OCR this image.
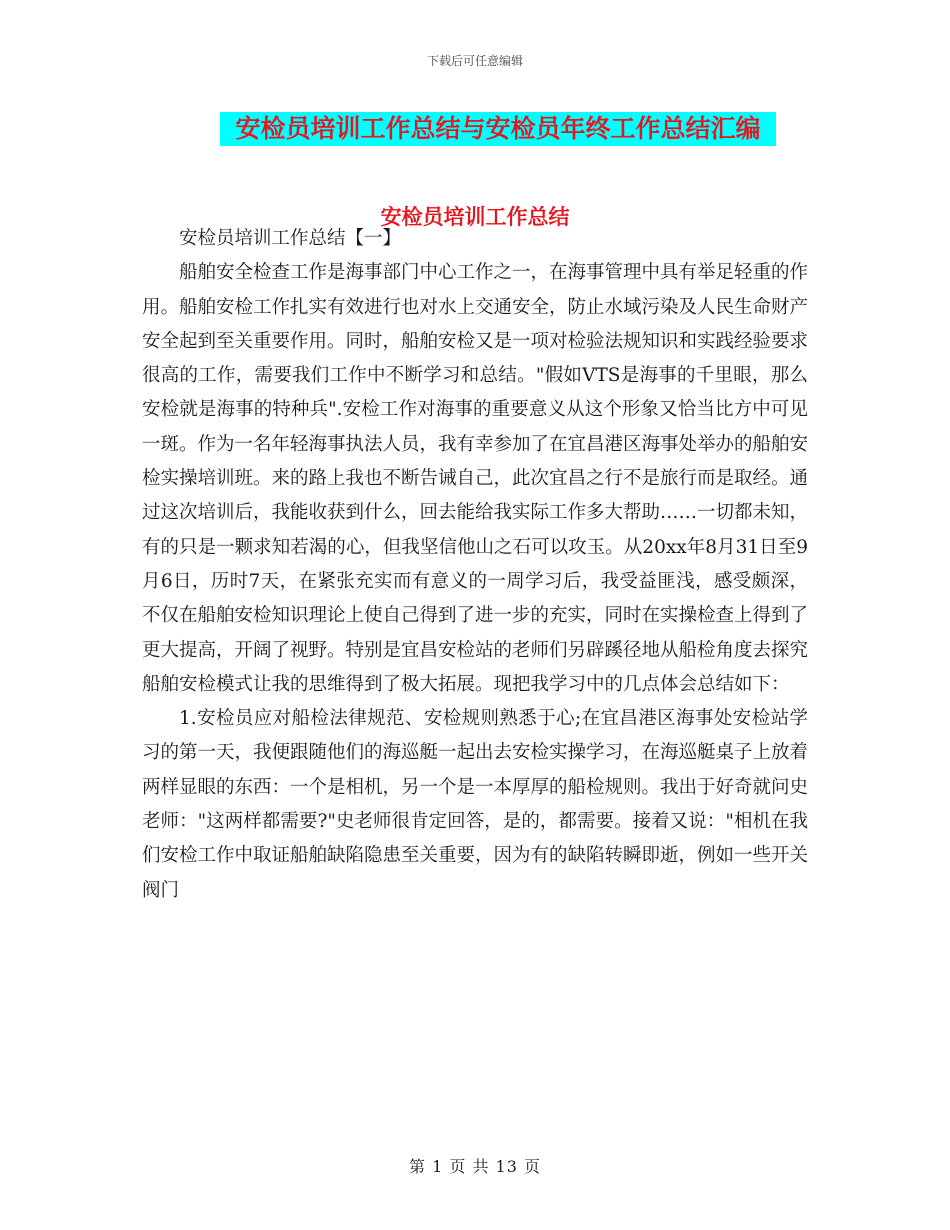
下载后可任意编辑
安检员培训工作总结与安检员年终工作总结汇编
安检员培训工作总结

安检员培训工作总结【一】

船舶安全检查工作是海事部门中心工作之一，在海事管理中具有举足轻重的作用。船舶安检工作扎实有效进行也对水上交通安全，防止水域污染及人民生命财产安全起到至关重要作用。同时，船舶安检又是一项对检验法规知识和实践经验要求很高的工作，需要我们工作中不断学习和总结。"假如VTS是海事的千里眼，那么安检就是海事的特种兵".安检工作对海事的重要意义从这个形象又恰当比方中可见一斑。作为一名年轻海事执法人员，我有幸参加了在宜昌港区海事处举办的船舶安检实操培训班。来的路上我也不断告诫自己，此次宜昌之行不是旅行而是取经。通过这次培训后，我能收获到什么，回去能给我实际工作多大帮助……一切都未知，有的只是一颗求知若渴的心，但我坚信他山之石可以攻玉。从20xx年8月31日至9月6日，历时7天，在紧张充实而有意义的一周学习后，我受益匪浅，感受颇深，不仅在船舶安检知识理论上使自己得到了进一步的充实，同时在实操检查上得到了更大提高，开阔了视野。特别是宜昌安检站的老师们另辟蹊径地从船检角度去探究船舶安检模式让我的思维得到了极大拓展。现把我学习中的几点体会总结如下：

1.安检员应对船检法律规范、安检规则熟悉于心;在宜昌港区海事处安检站学习的第一天，我便跟随他们的海巡艇一起出去安检实操学习，在海巡艇桌子上放着两样显眼的东西：一个是相机，另一个是一本厚厚的船检规则。我出于好奇就问史老师："这两样都需要?"史老师很肯定回答，是的，都需要。接着又说："相机在我们安检工作中取证船舶缺陷隐患至关重要，因为有的缺陷转瞬即逝，例如一些开关阀门

第 1 页 共 13 页
